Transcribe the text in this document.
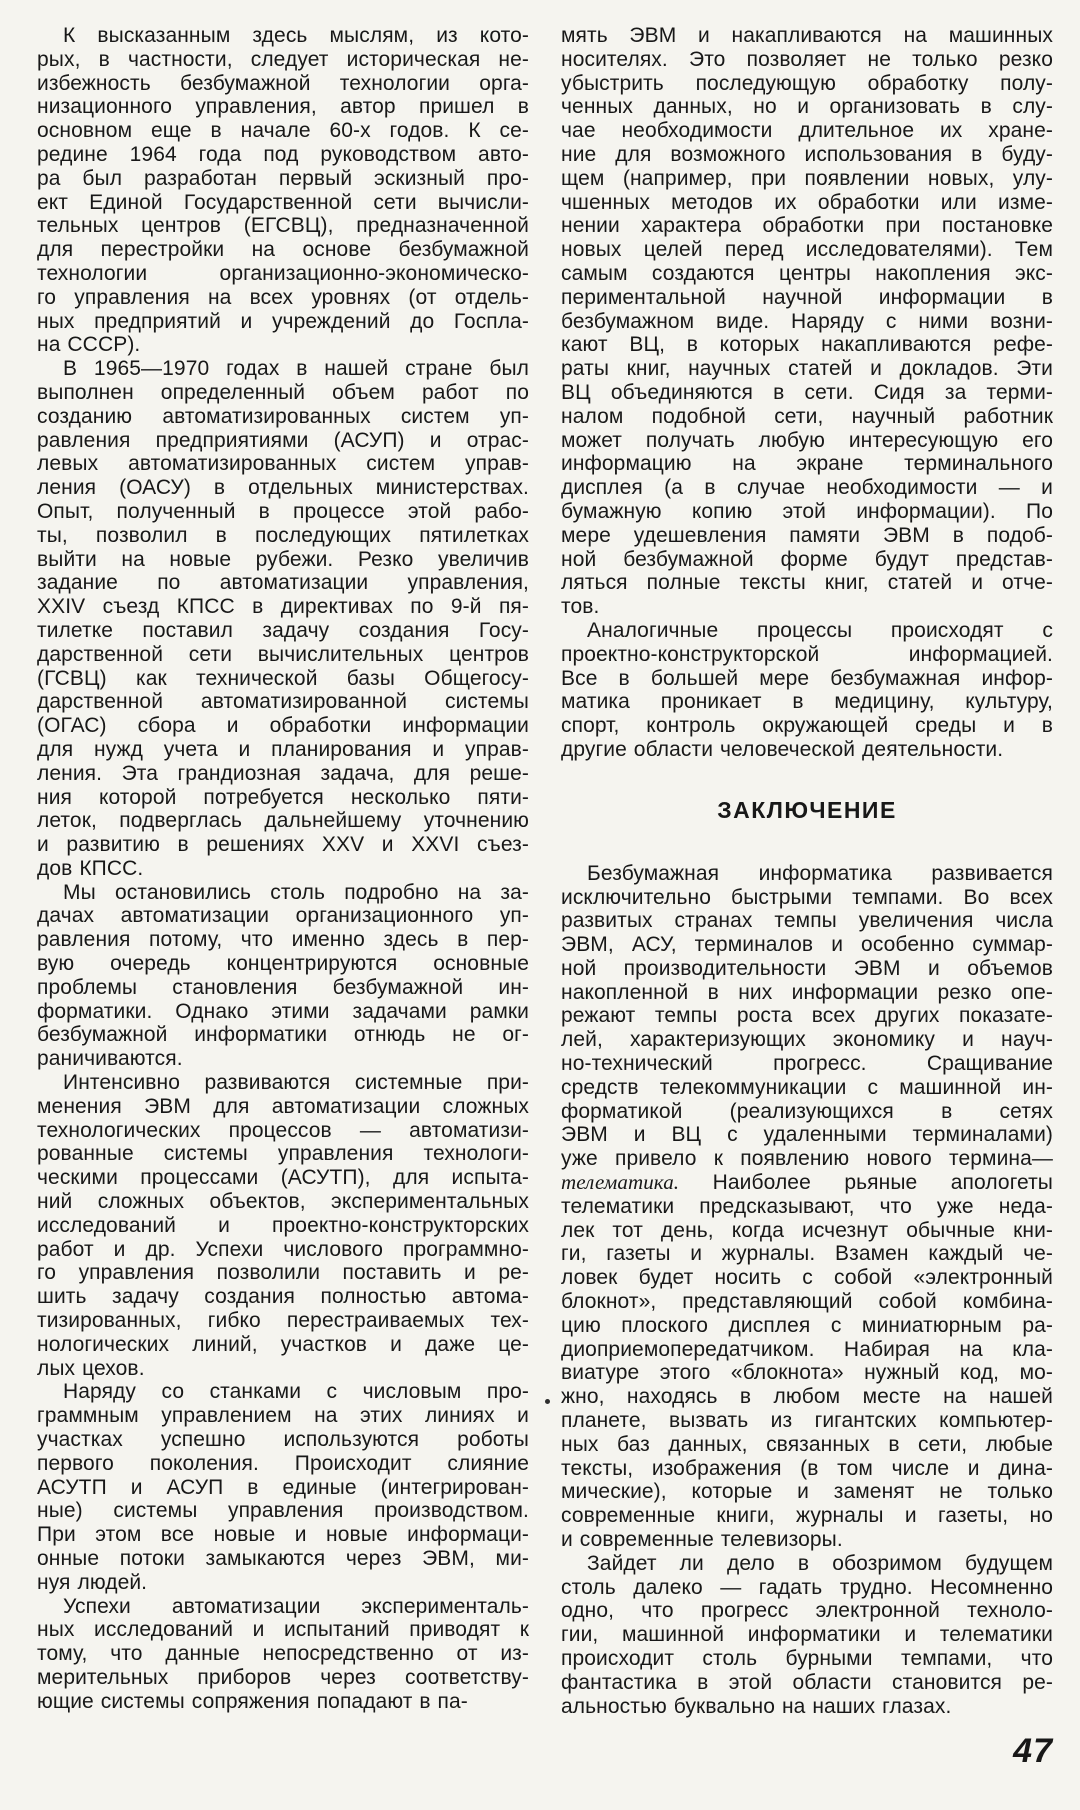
К высказанным здесь мыслям, из кото-
рых, в частности, следует историческая не-
избежность безбумажной технологии орга-
низационного управления, автор пришел в
основном еще в начале 60-х годов. К се-
редине 1964 года под руководством авто-
ра был разработан первый эскизный про-
ект Единой Государственной сети вычисли-
тельных центров (ЕГСВЦ), предназначенной
для перестройки на основе безбумажной
технологии организационно-экономическо-
го управления на всех уровнях (от отдель-
ных предприятий и учреждений до Госпла-
на СССР).
В 1965—1970 годах в нашей стране был
выполнен определенный объем работ по
созданию автоматизированных систем уп-
равления предприятиями (АСУП) и отрас-
левых автоматизированных систем управ-
ления (ОАСУ) в отдельных министерствах.
Опыт, полученный в процессе этой рабо-
ты, позволил в последующих пятилетках
выйти на новые рубежи. Резко увеличив
задание по автоматизации управления,
XXIV съезд КПСС в директивах по 9-й пя-
тилетке поставил задачу создания Госу-
дарственной сети вычислительных центров
(ГСВЦ) как технической базы Общегосу-
дарственной автоматизированной системы
(ОГАС) сбора и обработки информации
для нужд учета и планирования и управ-
ления. Эта грандиозная задача, для реше-
ния которой потребуется несколько пяти-
леток, подверглась дальнейшему уточнению
и развитию в решениях XXV и XXVI съез-
дов КПСС.
Мы остановились столь подробно на за-
дачах автоматизации организационного уп-
равления потому, что именно здесь в пер-
вую очередь концентрируются основные
проблемы становления безбумажной ин-
форматики. Однако этими задачами рамки
безбумажной информатики отнюдь не ог-
раничиваются.
Интенсивно развиваются системные при-
менения ЭВМ для автоматизации сложных
технологических процессов — автоматизи-
рованные системы управления технологи-
ческими процессами (АСУТП), для испыта-
ний сложных объектов, экспериментальных
исследований и проектно-конструкторских
работ и др. Успехи числового программно-
го управления позволили поставить и ре-
шить задачу создания полностью автома-
тизированных, гибко перестраиваемых тех-
нологических линий, участков и даже це-
лых цехов.
Наряду со станками с числовым про-
граммным управлением на этих линиях и
участках успешно используются роботы
первого поколения. Происходит слияние
АСУТП и АСУП в единые (интегрирован-
ные) системы управления производством.
При этом все новые и новые информаци-
онные потоки замыкаются через ЭВМ, ми-
нуя людей.
Успехи автоматизации эксперименталь-
ных исследований и испытаний приводят к
тому, что данные непосредственно от из-
мерительных приборов через соответству-
ющие системы сопряжения попадают в па-
мять ЭВМ и накапливаются на машинных
носителях. Это позволяет не только резко
убыстрить последующую обработку полу-
ченных данных, но и организовать в слу-
чае необходимости длительное их хране-
ние для возможного использования в буду-
щем (например, при появлении новых, улу-
чшенных методов их обработки или изме-
нении характера обработки при постановке
новых целей перед исследователями). Тем
самым создаются центры накопления экс-
периментальной научной информации в
безбумажном виде. Наряду с ними возни-
кают ВЦ, в которых накапливаются рефе-
раты книг, научных статей и докладов. Эти
ВЦ объединяются в сети. Сидя за терми-
налом подобной сети, научный работник
может получать любую интересующую его
информацию на экране терминального
дисплея (а в случае необходимости — и
бумажную копию этой информации). По
мере удешевления памяти ЭВМ в подоб-
ной безбумажной форме будут представ-
ляться полные тексты книг, статей и отче-
тов.
Аналогичные процессы происходят с
проектно-конструкторской информацией.
Все в большей мере безбумажная инфор-
матика проникает в медицину, культуру,
спорт, контроль окружающей среды и в
другие области человеческой деятельности.
ЗАКЛЮЧЕНИЕ
Безбумажная информатика развивается
исключительно быстрыми темпами. Во всех
развитых странах темпы увеличения числа
ЭВМ, АСУ, терминалов и особенно суммар-
ной производительности ЭВМ и объемов
накопленной в них информации резко опе-
режают темпы роста всех других показате-
лей, характеризующих экономику и науч-
но-технический прогресс. Сращивание
средств телекоммуникации с машинной ин-
форматикой (реализующихся в сетях
ЭВМ и ВЦ с удаленными терминалами)
уже привело к появлению нового термина—
телематика. Наиболее рьяные апологеты
телематики предсказывают, что уже неда-
лек тот день, когда исчезнут обычные кни-
ги, газеты и журналы. Взамен каждый че-
ловек будет носить с собой «электронный
блокнот», представляющий собой комбина-
цию плоского дисплея с миниатюрным ра-
диоприемопередатчиком. Набирая на кла-
виатуре этого «блокнота» нужный код, мо-
жно, находясь в любом месте на нашей
планете, вызвать из гигантских компьютер-
ных баз данных, связанных в сети, любые
тексты, изображения (в том числе и дина-
мические), которые и заменят не только
современные книги, журналы и газеты, но
и современные телевизоры.
Зайдет ли дело в обозримом будущем
столь далеко — гадать трудно. Несомненно
одно, что прогресс электронной техноло-
гии, машинной информатики и телематики
происходит столь бурными темпами, что
фантастика в этой области становится ре-
альностью буквально на наших глазах.
47
